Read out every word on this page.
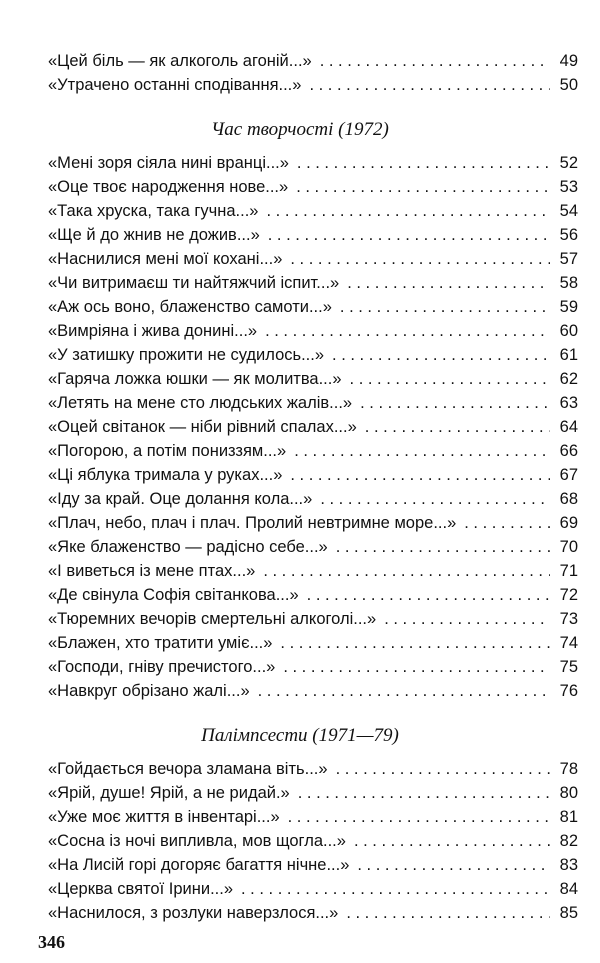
«Цей біль — як алкоголь агоній...» . . .	49
«Утрачено останні сподівання...» . . .	50
Час творчості (1972)
«Мені зоря сіяла нині вранці...» . . .	52
«Оце твоє народження нове...» . . .	53
«Така хруска, така гучна...» . . .	54
«Ще й до жнив не дожив...» . . .	56
«Наснилися мені мої кохані...» . . .	57
«Чи витримаєш ти найтяжчий іспит...» . . .	58
«Аж ось воно, блаженство самоти...» . . .	59
«Вимріяна і жива донині...» . . .	60
«У затишку прожити не судилось...» . . .	61
«Гаряча ложка юшки — як молитва...» . . .	62
«Летять на мене сто людських жалів...» . . .	63
«Оцей світанок — ніби рівний спалах...» . . .	64
«Погорою, а потім пониззям...» . . .	66
«Ці яблука тримала у руках...» . . .	67
«Іду за край. Оце долання кола...» . . .	68
«Плач, небо, плач і плач. Пролий невтримне море...» . . .	69
«Яке блаженство — радісно себе...» . . .	70
«І виветься із мене птах...» . . .	71
«Де свінула Софія світанкова...» . . .	72
«Тюремних вечорів смертельні алкоголі...» . . .	73
«Блажен, хто тратити уміє...» . . .	74
«Господи, гніву пречистого...» . . .	75
«Навкруг обрізано жалі...» . . .	76
Палімпсести (1971—79)
«Гойдається вечора зламана віть...» . . .	78
«Ярій, душе! Ярій, а не ридай.» . . .	80
«Уже моє життя в інвентарі...» . . .	81
«Сосна із ночі випливла, мов щогла...» . . .	82
«На Лисій горі догоряє багаття нічне...» . . .	83
«Церква святої Ірини...» . . .	84
«Наснилося, з розлуки наверзлося...» . . .	85
346
